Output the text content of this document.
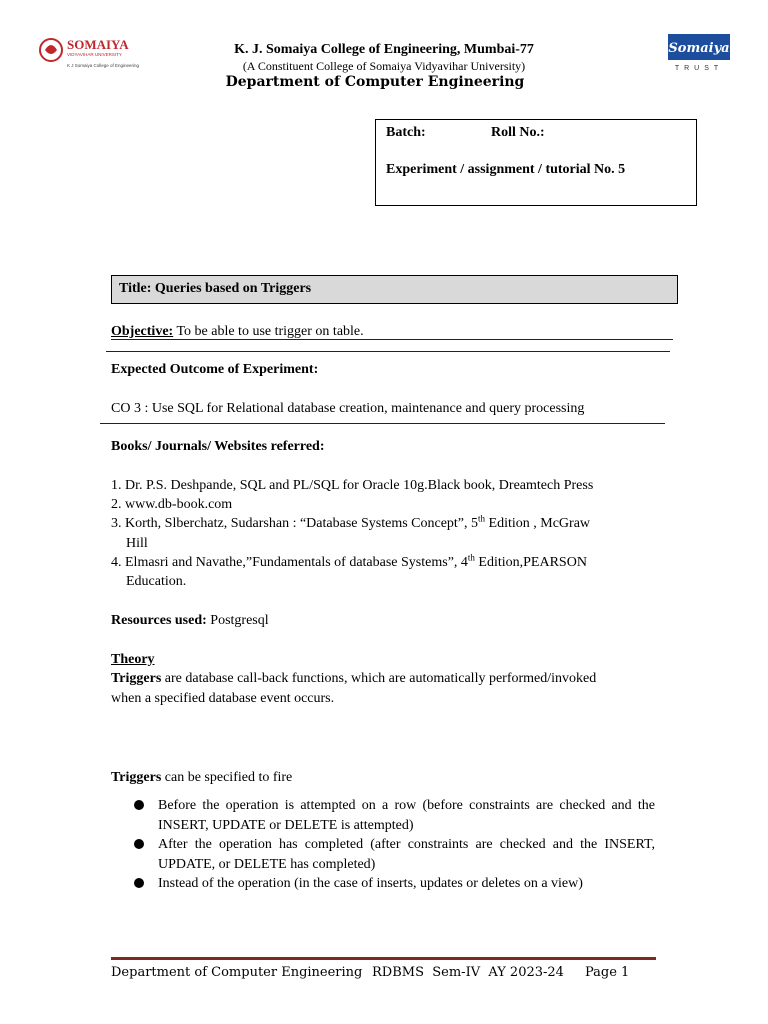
SOMAIYA
VIDYAVIHAR UNIVERSITY
K J Somaiya College of Engineering
Somaiya
TRUST
K. J. Somaiya College of Engineering, Mumbai-77
(A Constituent College of Somaiya Vidyavihar University)
Department of Computer Engineering
Batch:	Roll No.:
Experiment / assignment / tutorial No. 5
Title: Queries based on Triggers
Objective: To be able to use trigger on table.
Expected Outcome of Experiment:
CO 3 : Use SQL for Relational database creation, maintenance and query processing
Books/ Journals/ Websites referred:
1. Dr. P.S. Deshpande, SQL and PL/SQL for Oracle 10g.Black book, Dreamtech Press
2. www.db-book.com
3. Korth, Slberchatz, Sudarshan : “Database Systems Concept”, 5th Edition , McGraw
Hill
4. Elmasri and Navathe,”Fundamentals of database Systems”, 4th Edition,PEARSON
Education.
Resources used: Postgresql
Theory
Triggers are database call-back functions, which are automatically performed/invoked
when a specified database event occurs.
Triggers can be specified to fire
Before the operation is attempted on a row (before constraints are checked and the INSERT, UPDATE or DELETE is attempted)
After the operation has completed (after constraints are checked and the INSERT, UPDATE, or DELETE has completed)
Instead of the operation (in the case of inserts, updates or deletes on a view)
Department of Computer Engineering RDBMS  Sem-IV  AY 2023-24 Page 1
